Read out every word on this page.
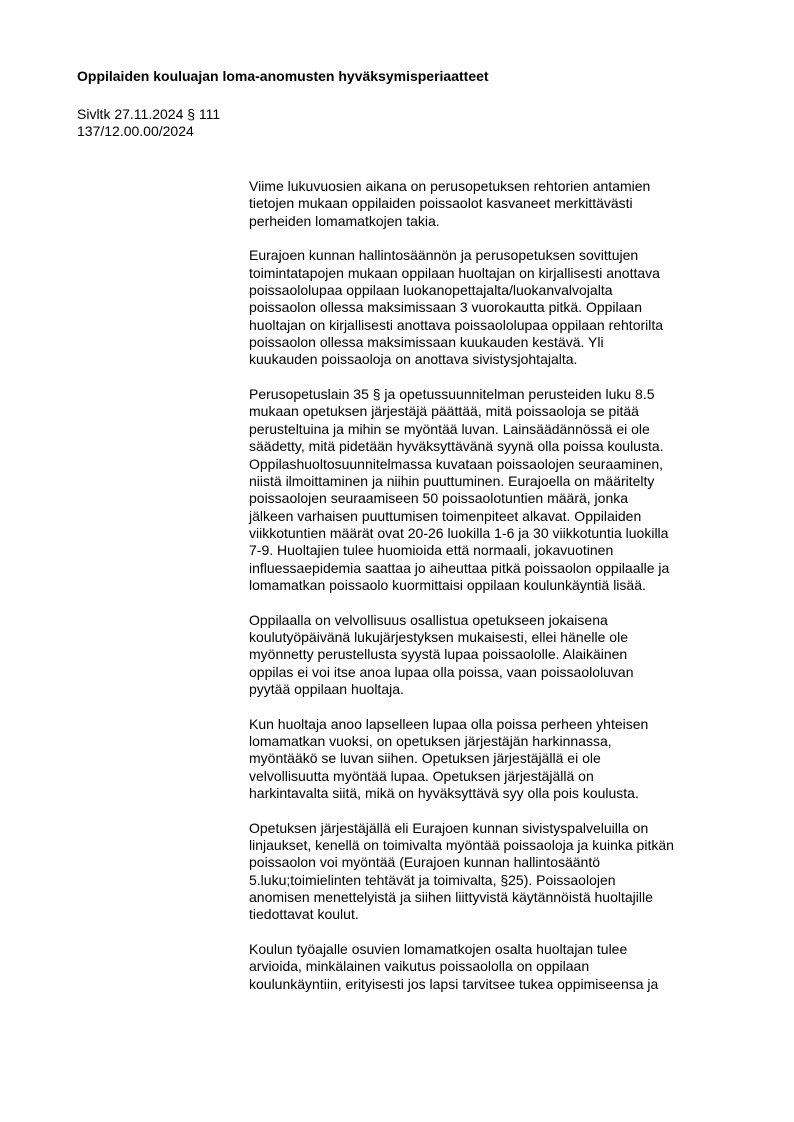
Oppilaiden kouluajan loma-anomusten hyväksymisperiaatteet
Sivltk 27.11.2024 § 111
137/12.00.00/2024
Viime lukuvuosien aikana on perusopetuksen rehtorien antamien
tietojen mukaan oppilaiden poissaolot kasvaneet merkittävästi
perheiden lomamatkojen takia.
Eurajoen kunnan hallintosäännön ja perusopetuksen sovittujen
toimintatapojen mukaan oppilaan huoltajan on kirjallisesti anottava
poissaololupaa oppilaan luokanopettajalta/luokanvalvojalta
poissaolon ollessa maksimissaan 3 vuorokautta pitkä. Oppilaan
huoltajan on kirjallisesti anottava poissaololupaa oppilaan rehtorilta
poissaolon ollessa maksimissaan kuukauden kestävä. Yli
kuukauden poissaoloja on anottava sivistysjohtajalta.
Perusopetuslain 35 § ja opetussuunnitelman perusteiden luku 8.5
mukaan opetuksen järjestäjä päättää, mitä poissaoloja se pitää
perusteltuina ja mihin se myöntää luvan. Lainsäädännössä ei ole
säädetty, mitä pidetään hyväksyttävänä syynä olla poissa koulusta.
Oppilashuoltosuunnitelmassa kuvataan poissaolojen seuraaminen,
niistä ilmoittaminen ja niihin puuttuminen. Eurajoella on määritelty
poissaolojen seuraamiseen 50 poissaolotuntien määrä, jonka
jälkeen varhaisen puuttumisen toimenpiteet alkavat. Oppilaiden
viikkotuntien määrät ovat 20-26 luokilla 1-6 ja 30 viikkotuntia luokilla
7-9. Huoltajien tulee huomioida että normaali, jokavuotinen
influessaepidemia saattaa jo aiheuttaa pitkä poissaolon oppilaalle ja
lomamatkan poissaolo kuormittaisi oppilaan koulunkäyntiä lisää.
Oppilaalla on velvollisuus osallistua opetukseen jokaisena
koulutyöpäivänä lukujärjestyksen mukaisesti, ellei hänelle ole
myönnetty perustellusta syystä lupaa poissaololle. Alaikäinen
oppilas ei voi itse anoa lupaa olla poissa, vaan poissaololuvan
pyytää oppilaan huoltaja.
Kun huoltaja anoo lapselleen lupaa olla poissa perheen yhteisen
lomamatkan vuoksi, on opetuksen järjestäjän harkinnassa,
myöntääkö se luvan siihen. Opetuksen järjestäjällä ei ole
velvollisuutta myöntää lupaa. Opetuksen järjestäjällä on
harkintavalta siitä, mikä on hyväksyttävä syy olla pois koulusta.
Opetuksen järjestäjällä eli Eurajoen kunnan sivistyspalveluilla on
linjaukset, kenellä on toimivalta myöntää poissaoloja ja kuinka pitkän
poissaolon voi myöntää (Eurajoen kunnan hallintosääntö
5.luku;toimielinten tehtävät ja toimivalta, §25). Poissaolojen
anomisen menettelyistä ja siihen liittyvistä käytännöistä huoltajille
tiedottavat koulut.
Koulun työajalle osuvien lomamatkojen osalta huoltajan tulee
arvioida, minkälainen vaikutus poissaololla on oppilaan
koulunkäyntiin, erityisesti jos lapsi tarvitsee tukea oppimiseensa ja
